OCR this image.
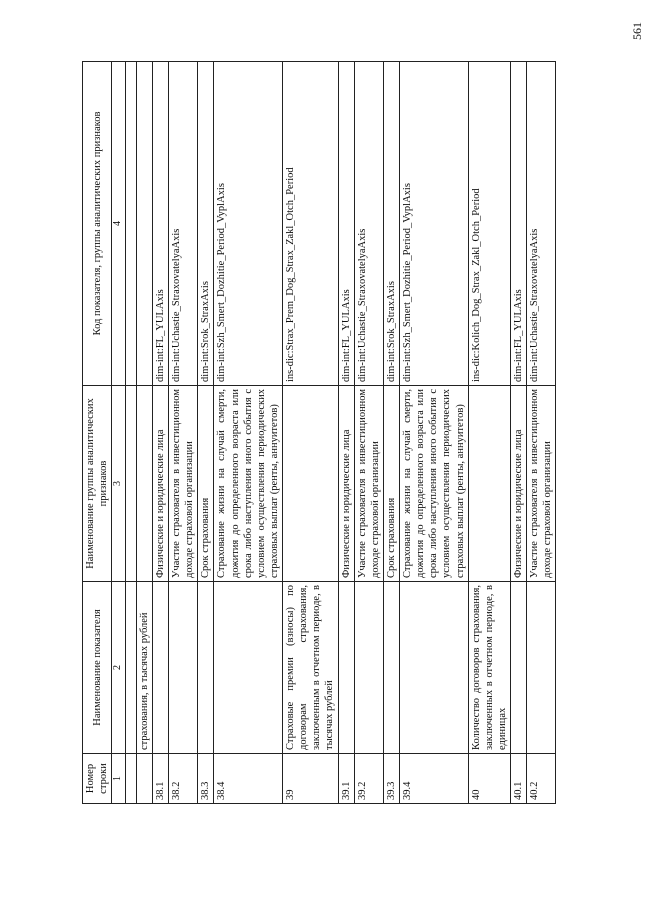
561
Номер строки	Наименование показателя	Наименование группы аналитических признаков	Код показателя, группы аналитических признаков
1	2	3	4

	страхования, в тысячах рублей		
38.1		Физические и юридические лица	dim-int:FL_YULAxis
38.2		Участие страхователя в инвестиционном доходе страховой организации	dim-int:Uchastie_StraxovatelyaAxis
38.3		Срок страхования	dim-int:Srok_StraxAxis
38.4		Страхование жизни на случай смерти, дожития до определенного возраста или срока либо наступления иного события с условием осуществления периодических страховых выплат (ренты, аннуитетов)	dim-int:Szh_Smert_Dozhitie_Period_VyplAxis
39	Страховые премии (взносы) по договорам страхования, заключенным в отчетном периоде, в тысячах рублей		ins-dic:Strax_Prem_Dog_Strax_Zakl_Otch_Period
39.1		Физические и юридические лица	dim-int:FL_YULAxis
39.2		Участие страхователя в инвестиционном доходе страховой организации	dim-int:Uchastie_StraxovatelyaAxis
39.3		Срок страхования	dim-int:Srok_StraxAxis
39.4		Страхование жизни на случай смерти, дожития до определенного возраста или срока либо наступления иного события с условием осуществления периодических страховых выплат (ренты, аннуитетов)	dim-int:Szh_Smert_Dozhitie_Period_VyplAxis
40	Количество договоров страхования, заключенных в отчетном периоде, в единицах		ins-dic:Kolich_Dog_Strax_Zakl_Otch_Period
40.1		Физические и юридические лица	dim-int:FL_YULAxis
40.2		Участие страхователя в инвестиционном доходе страховой организации	dim-int:Uchastie_StraxovatelyaAxis
